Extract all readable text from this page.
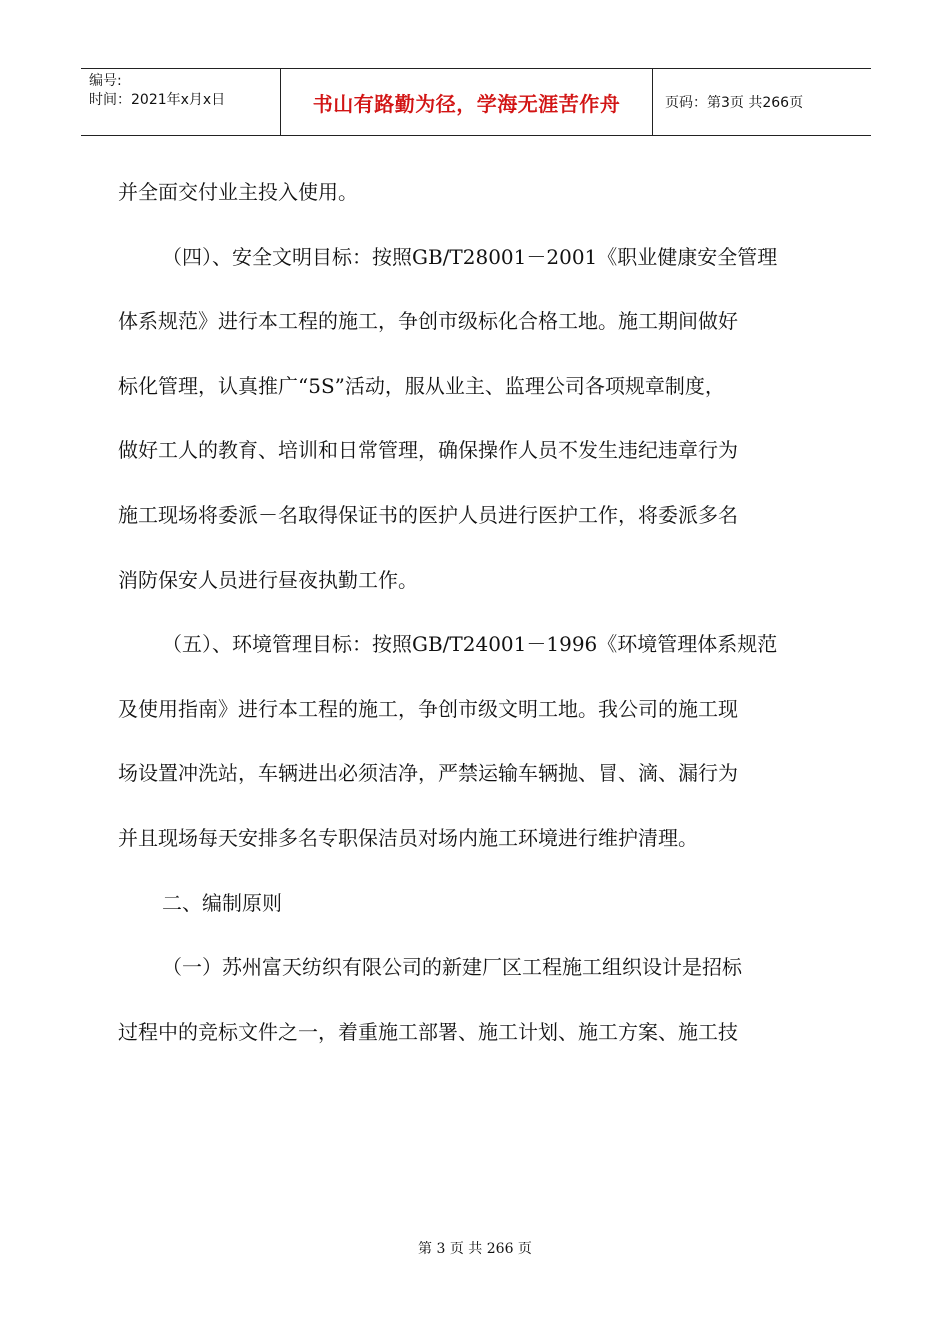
编号:
时间：2021年x月x日	书山有路勤为径，学海无涯苦作舟	页码：第3页 共266页

并全面交付业主投入使用。

（四）、安全文明目标：按照GB/T28001－2001《职业健康安全管理

体系规范》进行本工程的施工，争创市级标化合格工地。施工期间做好

标化管理，认真推广“5S”活动，服从业主、监理公司各项规章制度，

做好工人的教育、培训和日常管理，确保操作人员不发生违纪违章行为

施工现场将委派－名取得保证书的医护人员进行医护工作，将委派多名

消防保安人员进行昼夜执勤工作。

（五）、环境管理目标：按照GB/T24001－1996《环境管理体系规范

及使用指南》进行本工程的施工，争创市级文明工地。我公司的施工现

场设置冲洗站，车辆进出必须洁净，严禁运输车辆抛、冒、滴、漏行为

并且现场每天安排多名专职保洁员对场内施工环境进行维护清理。

二、编制原则

（一）苏州富天纺织有限公司的新建厂区工程施工组织设计是招标

过程中的竞标文件之一，着重施工部署、施工计划、施工方案、施工技

第 3 页 共 266 页
